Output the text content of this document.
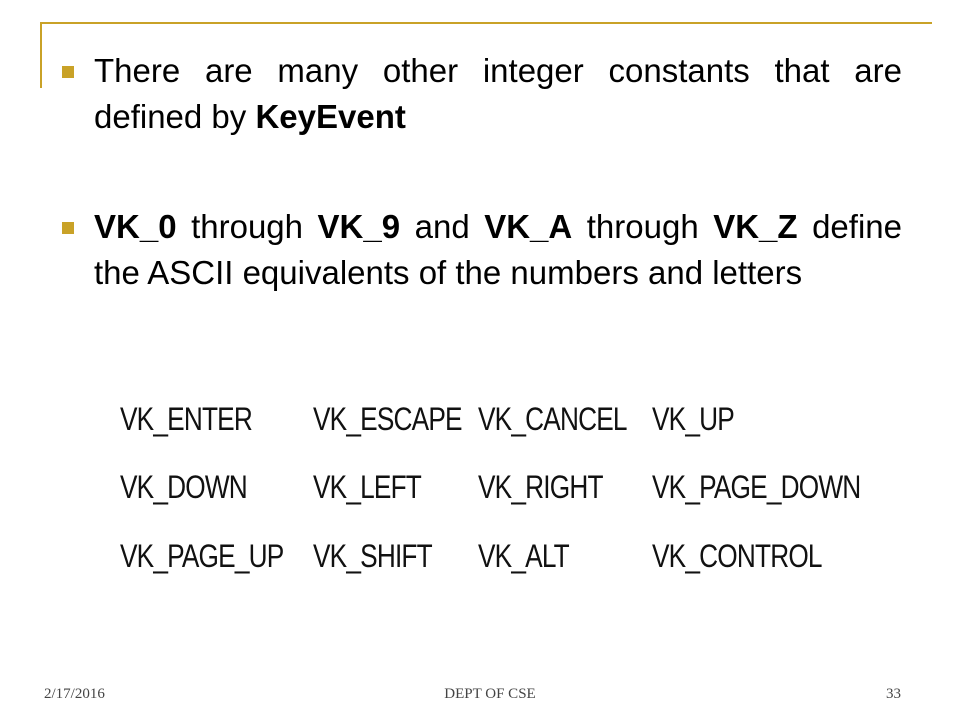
There are many other integer constants that are defined by KeyEvent
VK_0 through VK_9 and VK_A through VK_Z define the ASCII equivalents of the numbers and letters
VK_ENTER VK_ESCAPE VK_CANCEL VK_UP
VK_DOWN VK_LEFT VK_RIGHT VK_PAGE_DOWN
VK_PAGE_UP VK_SHIFT VK_ALT	VK_CONTROL
2/17/2016	DEPT OF CSE	33
